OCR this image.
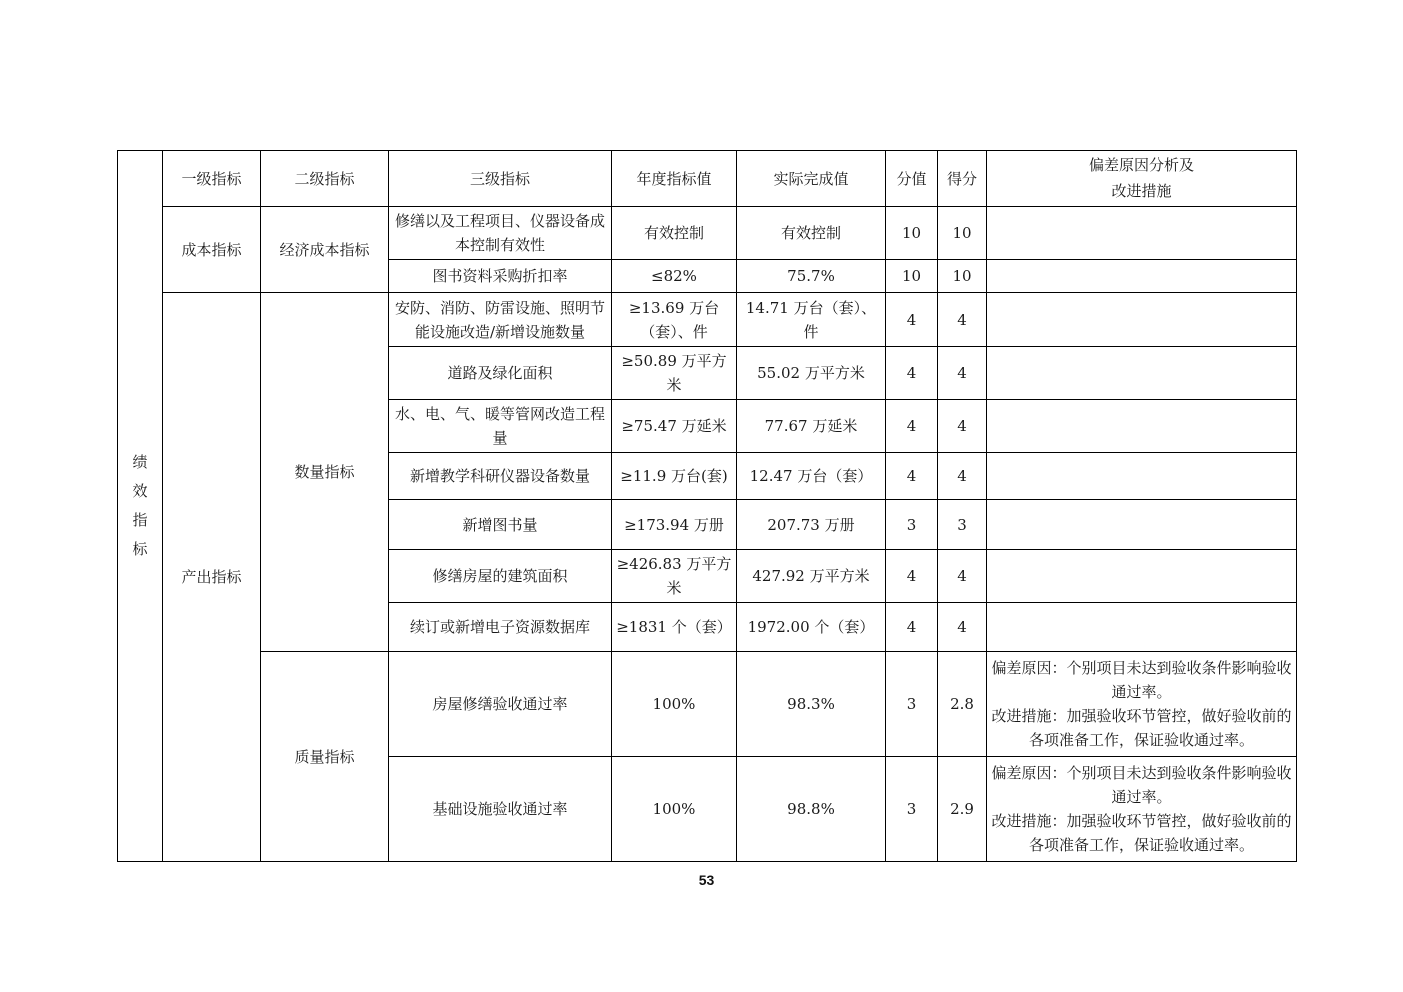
绩效指标	一级指标	二级指标	三级指标	年度指标值	实际完成值	分值	得分	偏差原因分析及
改进措施

	成本指标	经济成本指标	修缮以及工程项目、仪器设备成本控制有效性	有效控制	有效控制	10	10	
			图书资料采购折扣率	≤82%	75.7%	10	10	
	产出指标	数量指标	安防、消防、防雷设施、照明节能设施改造/新增设施数量	≥13.69 万台（套）、件	14.71 万台（套）、件	4	4	
			道路及绿化面积	≥50.89 万平方米	55.02 万平方米	4	4	
			水、电、气、暖等管网改造工程量	≥75.47 万延米	77.67 万延米	4	4	
			新增教学科研仪器设备数量	≥11.9 万台(套)	12.47 万台（套）	4	4	
			新增图书量	≥173.94 万册	207.73 万册	3	3	
			修缮房屋的建筑面积	≥426.83 万平方米	427.92 万平方米	4	4	
			续订或新增电子资源数据库	≥1831 个（套）	1972.00 个（套）	4	4	
		质量指标	房屋修缮验收通过率	100%	98.3%	3	2.8	偏差原因：个别项目未达到验收条件影响验收通过率。
改进措施：加强验收环节管控，做好验收前的各项准备工作，保证验收通过率。

			基础设施验收通过率	100%	98.8%	3	2.9	偏差原因：个别项目未达到验收条件影响验收通过率。
改进措施：加强验收环节管控，做好验收前的各项准备工作，保证验收通过率。
53
